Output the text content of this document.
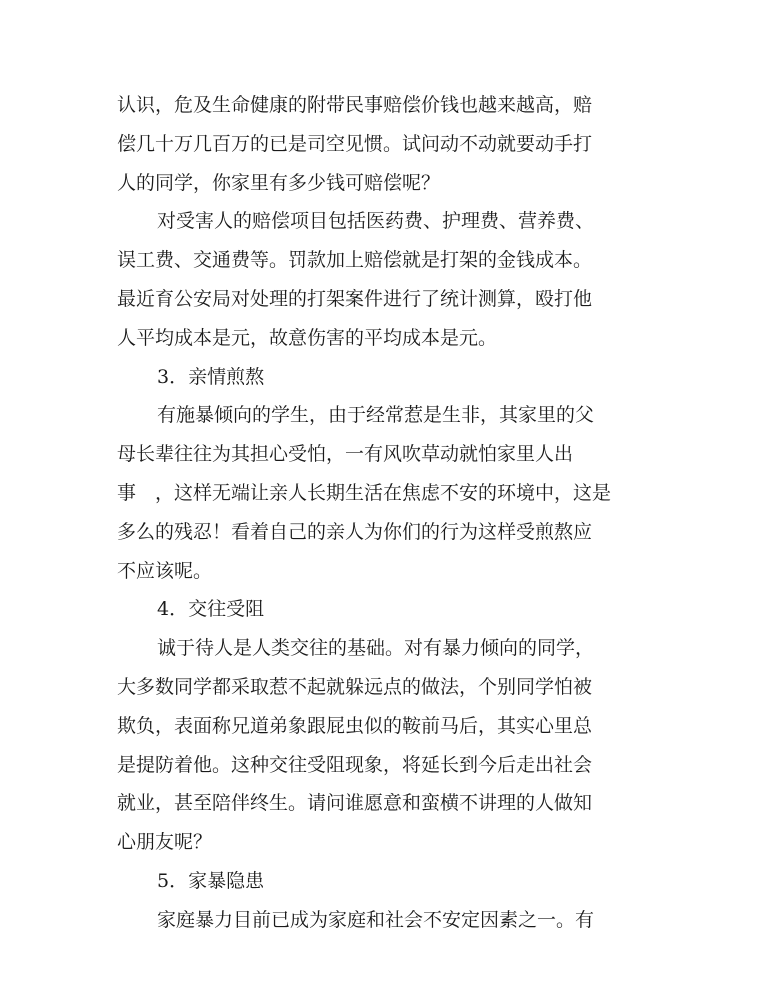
认识，危及生命健康的附带民事赔偿价钱也越来越高，赔
偿几十万几百万的已是司空见惯。试问动不动就要动手打
人的同学，你家里有多少钱可赔偿呢？
对受害人的赔偿项目包括医药费、护理费、营养费、
误工费、交通费等。罚款加上赔偿就是打架的金钱成本。
最近育公安局对处理的打架案件进行了统计测算，殴打他
人平均成本是元，故意伤害的平均成本是元。
3．亲情煎熬
有施暴倾向的学生，由于经常惹是生非，其家里的父
母长辈往往为其担心受怕，一有风吹草动就怕家里人出
事　，这样无端让亲人长期生活在焦虑不安的环境中，这是
多么的残忍！看着自己的亲人为你们的行为这样受煎熬应
不应该呢。
4．交往受阻
诚于待人是人类交往的基础。对有暴力倾向的同学，
大多数同学都采取惹不起就躲远点的做法，个别同学怕被
欺负，表面称兄道弟象跟屁虫似的鞍前马后，其实心里总
是提防着他。这种交往受阻现象，将延长到今后走出社会
就业，甚至陪伴终生。请问谁愿意和蛮横不讲理的人做知
心朋友呢？
5．家暴隐患
家庭暴力目前已成为家庭和社会不安定因素之一。有
